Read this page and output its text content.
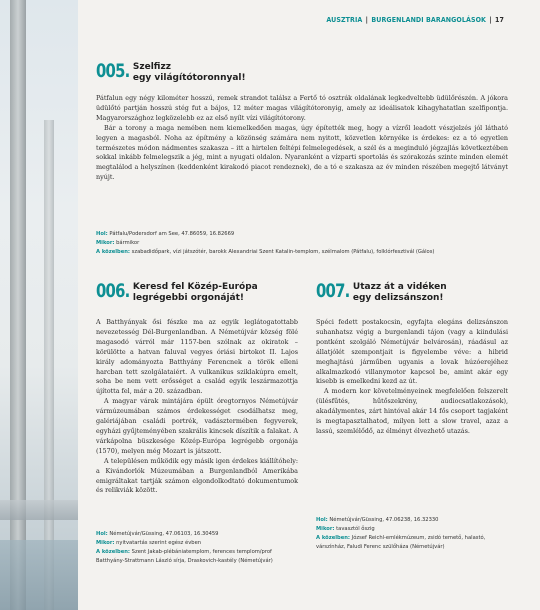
AUSZTRIA | BURGENLANDI BARANGOLÁSOK | 17
005. Szelfizz
egy világítótoronnyal!

Pátfalun egy négy kilométer hosszú, remek strandot találsz a Fertő tó osztrák oldalának legkedveltebb üdülőrészén. A jókora üdülőtó partján hosszú stég fut a bájos, 12 méter magas világítótoronyig, amely az ideálisatok kihagyhatatlan szelfipontja. Magyarországhoz legközelebb ez az első nyílt vízi világítótorony.

Bár a torony a maga nemében nem kiemelkedően magas, úgy építették meg, hogy a vízről leadott vészjelzés jól látható legyen a magasból. Noha az építmény a közönség számára nem nyitott, közvetlen környéke is érdekes: ez a tó egyetlen természetes módon nádmentes szakasza – itt a hirtelen feltépi felmelegedések, a szél és a meginduló jégzajlás következtében sokkal inkább felmelegszik a jég, mint a nyugati oldalon. Nyaranként a vízparti sportolás és szórakozás szinte minden elemét megtalálod a helyszínen (keddenként kirakodó piacot rendeznek), de a tó e szakasza az év minden részében megejtő látványt nyújt.

Hol: Pátfalu/Podersdorf am See, 47.86059, 16.82669
Mikor: bármikor
A közelben: szabadidőpark, vízi játszótér, barokk Alexandriai Szent Katalin-templom, szélmalom (Pátfalu), folklórfesztivál (Gálos)
006. Keresd fel Közép-Európa
legrégebbi orgonáját!

A Batthyányak ősi fészke ma az egyik leglátogatottabb nevezetesség Dél-Burgenlandban. A Németújvár község fölé magasodó várról már 1157-ben szólnak az okiratok – körülötte a hatvan faluval vegyes óriási birtokot II. Lajos király adományozta Batthyány Ferencnek a török elleni harcban tett szolgálataiért. A vulkanikus sziklakúpra emelt, soha be nem vett erősséget a család egyik leszármazottja újította fel, már a 20. században.

A magyar várak mintájára épült óregtornyos Németújvár vármúzeumában számos érdekességet csodálhatsz meg, galériájában családi portrék, vadásztermében fegyverek, egyházi gyűjteményében szakrális kincsek díszítik a falakat. A várkápolna büszkesége Közép-Európa legrégebb orgonája (1570), melyen még Mozart is játszott.

A településen működik egy másik igen érdekes kiállítóhely: a Kivándorlók Múzeumában a Burgenlandból Amerikába emigráltakat tartják számon elgondolkodtató dokumentumok és relikviák között.

Hol: Németújvár/Güssing, 47.06103, 16.30459
Mikor: nyitvatartás szerint egész évben
A közelben: Szent Jakab-plébániatemplom, ferences templom/prof Batthyány-Strattmann László sírja, Draskovich-kastély (Németújvár)
007. Utazz át a vidéken
egy delizsánszon!

Spéci fedett postakocsin, egyfajta elegáns delizsánszon suhanhatsz végig a burgenlandi tájon (vagy a kiindulási pontként szolgáló Németújvár belvárosán), ráadásul az állatjólét szempontjait is figyelembe véve: a hibrid meghajtású járműben ugyanis a lovak húzóerejéhez alkalmazkodó villanymotor kapcsol be, amint akár egy kisebb is emelkedni kezd az út.

A modern kor követelményeinek megfelelően felszerelt (ülésfűtés, hűtőszekrény, audiocsatlakozások), akadálymentes, zárt hintóval akár 14 fős csoport tagjaként is megtapasztalhatod, milyen lett a slow travel, azaz a lassú, szemlélődő, az élményt élvezhető utazás.

Hol: Németújvár/Güssing, 47.06238, 16.32330
Mikor: tavasztól őszig
A közelben: József Reichl-emlékmúzeum, zsidó temető, halastó, várszínház, Faludi Ferenc szülőháza (Németújvár)
